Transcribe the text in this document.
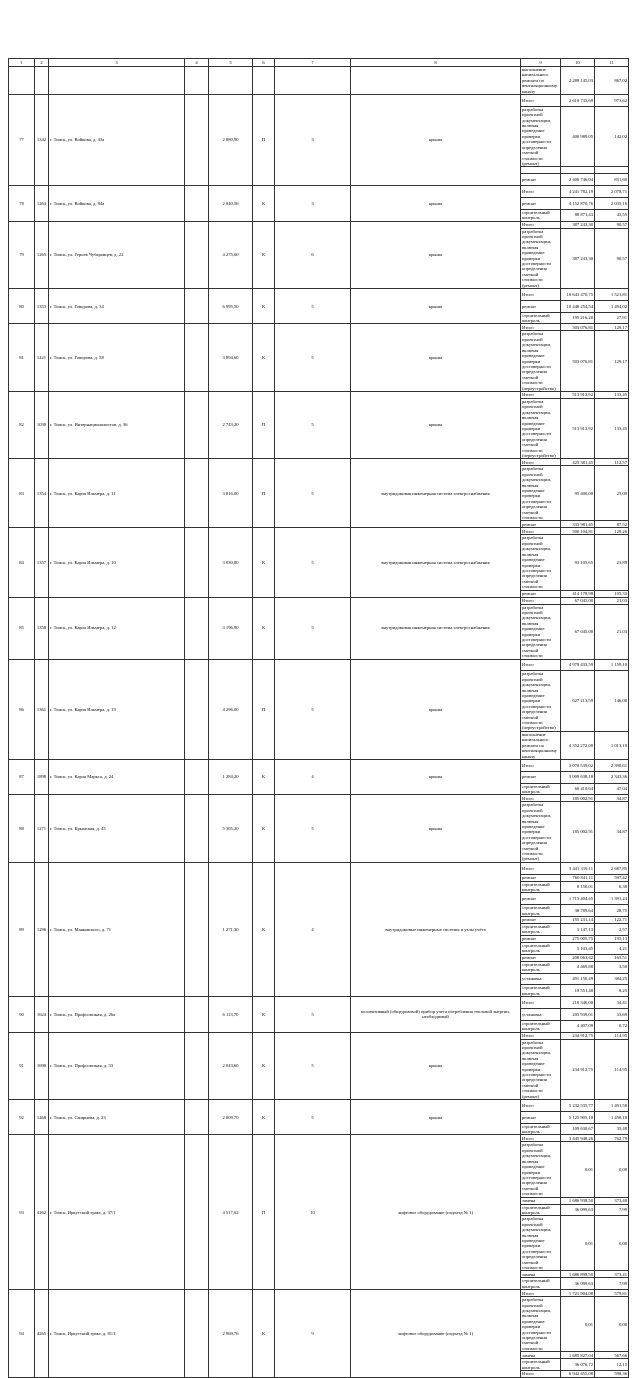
1	2	3	4	5	6	7	8	9	10	11	
								выполнение капитального ремонта по вентиляционному каналу	2 289 145,03	867,02	
77	1342	г. Томск, ул. Войкова, д. 43а		2 880,90	П	3	крыша	Итого	2 610 733,69	973,62	
								разработка проектной документации, включая проведение проверки достоверности определения сметной стоимости (ремонт)	400 989,05	142,02	

								ремонт	2 400 746,04	831,60	
78	1263	г. Томск, ул. Войкова, д. 84а		2 040,56	К	3	крыша	Итого	4 241 782,19	2 078,71	
								ремонт	4 152 870,76	2 035,16	
								строительный контроль	88 871,43	43,55	
79	1265	г. Томск, ул. Героев Чубаровцев, д. 22		4 275,60	К	6	крыша	Итого	387 243,30	90,57	
								разработка проектной документации, включая проведение проверки достоверности определения сметной стоимости (ремонт)	387 243,30	90,57	
80	1353	г. Томск, ул. Говорова, д. 34		6 995,50	К	5	крыша	Итого	10 643 470,75	1 521,81	
								ремонт	10 448 254,54	1 494,02	
								строительный контроль	195 216,20	27,91	
81	1421	г. Томск, ул. Говорова, д. 58		3 894,60	К	5	крыша	Итого	503 076,81	129,17	
								разработка проектной документации, включая проведение проверки достоверности определения сметной стоимости (переустройство)	503 076,81	129,17	
82	1030	г. Томск, ул. Интернационалистов, д. 36		2 743,20	П	5	крыша	Итого	513 913,92	133,45	
								разработка проектной документации, включая проведение проверки достоверности определения сметной стоимости (переустройство)	513 913,92	133,45	
83	1354	г. Томск, ул. Карла Ильмера, д. 11		3 816,00	П	5	внутридомовая инженерная система электроснабжения	Итого	425 381,45	112,57	
								разработка проектной документации, включая проведение проверки достоверности определения сметной стоимости	95 400,00	25,00	
								ремонт	333 981,45	87,52	
84	1357	г. Томск, ул. Карла Ильмера, д. 10		3 030,80	К	5	внутридомовая инженерная система электроснабжения	Итого	500 104,81	129,26	
								разработка проектной документации, включая проведение проверки достоверности определения сметной стоимости	93 105,65	23,89	
								ремонт	414 178,98	105,33	
85	1358	г. Томск, ул. Карла Ильмера, д. 12		3 196,90	К	5	внутридомовая инженерная система электроснабжения	Итого	67 045,00	21,03	
								разработка проектной документации, включая проведение проверки достоверности определения сметной стоимости	67 045,00	21,03	
86	1361	г. Томск, ул. Карла Ильмера, д. 19		4 296,00	П	5	крыша	Итого	4 979 433,59	1 159,10	
								разработка проектной документации, включая проведение проверки достоверности определения сметной стоимости (переустройство)	627 213,59	146,00	
								выполнение капитального ремонта по вентиляционному каналу	4 352 272,00	1 013,10	
87	1898	г. Томск, ул. Карла Маркса, д. 24		1 284,20	К	4	крыша	Итого	3 070 539,02	2 390,61	
								ремонт	3 009 638,18	2 343,36	
								строительный контроль	60 410,64	47,04	
88	1271	г. Томск, ул. Крымская, д. 45		5 305,20	К	5	крыша	Итого	185 002,91	34,87	
								разработка проектной документации, включая проведение проверки достоверности определения сметной стоимости (ремонт)	185 002,91	34,87	
89	1296	г. Томск, ул. Маяковского, д. 71		1 271,30	К	4	внутридомовые инженерные системы и узлы учёта	Итого	3 441 319,11	2 687,85	
								ремонт	760 841,11	597,42	
								строительный контроль	8 150,01	6,38	
								ремонт	1 715 404,45	1 391,24	
								строительный контроль	38 789,64	28,75	
								ремонт	155 231,14	122,71	
								строительный контроль	3 147,13	2,57	
								ремонт	275 005,75	195,13	
								строительный контроль	5 103,45	4,21	
								ремонт	208 063,42	165,51	
								строительный контроль	4 469,88	3,50	
								установка	491 150,49	384,25	
								строительный контроль	10 551,48	8,25	
90	1624	г. Томск, ул. Профсоюзная, д. 26а		6 113,70	К	5	коллективный (общедомовой) прибор учета потребления тепловой энергии, необходимый	Итого	210 346,00	34,41	
								установка	205 939,01	33,69	
								строительный контроль	4 407,09	0,72	
91	1690	г. Томск, ул. Профсоюзная, д. 33		2 043,60	К	5	крыша	Итого	234 912,75	114,95	
								разработка проектной документации, включая проведение проверки достоверности определения сметной стоимости (ремонт)	234 912,75	114,95	
92	1468	г. Томск, ул. Смирнова, д. 23		2 009,70	К	5	крыша	Итого	5 232 535,77	1 491,58	
								ремонт	5 125 905,10	1 458,10	
								строительный контроль	109 630,67	35,48	
93	4262	г. Томск, Иркутский тракт, д. 37/1		4 517,62	П	10	лифтовое оборудование (подъезд № 1)	Итого	3 445 948,26	762,79	
								разработка проектной документации, включая проведение проверки достоверности определения сметной стоимости	0,01	0,00	
								замена	1 686 938,50	373,40	
								строительный контроль	36 099,63	7,99	
								разработка проектной документации, включая проведение проверки достоверности определения сметной стоимости	0,01	0,00	
								замена	1 686 898,50	373,41	
								строительный контроль	36 099,63	7,99	
94	4265	г. Томск, Иркутский тракт, д. 81/1		2 969,76	К	9	лифтовое оборудование (подъезд № 1)	Итого	1 721 904,08	579,81	
								разработка проектной документации, включая проведение проверки достоверности определения сметной стоимости	0,01	0,00	
								замена	1 685 827,04	567,66	
								строительный контроль	36 076,72	12,15	
								Итого	6 942 455,08	598,36	
